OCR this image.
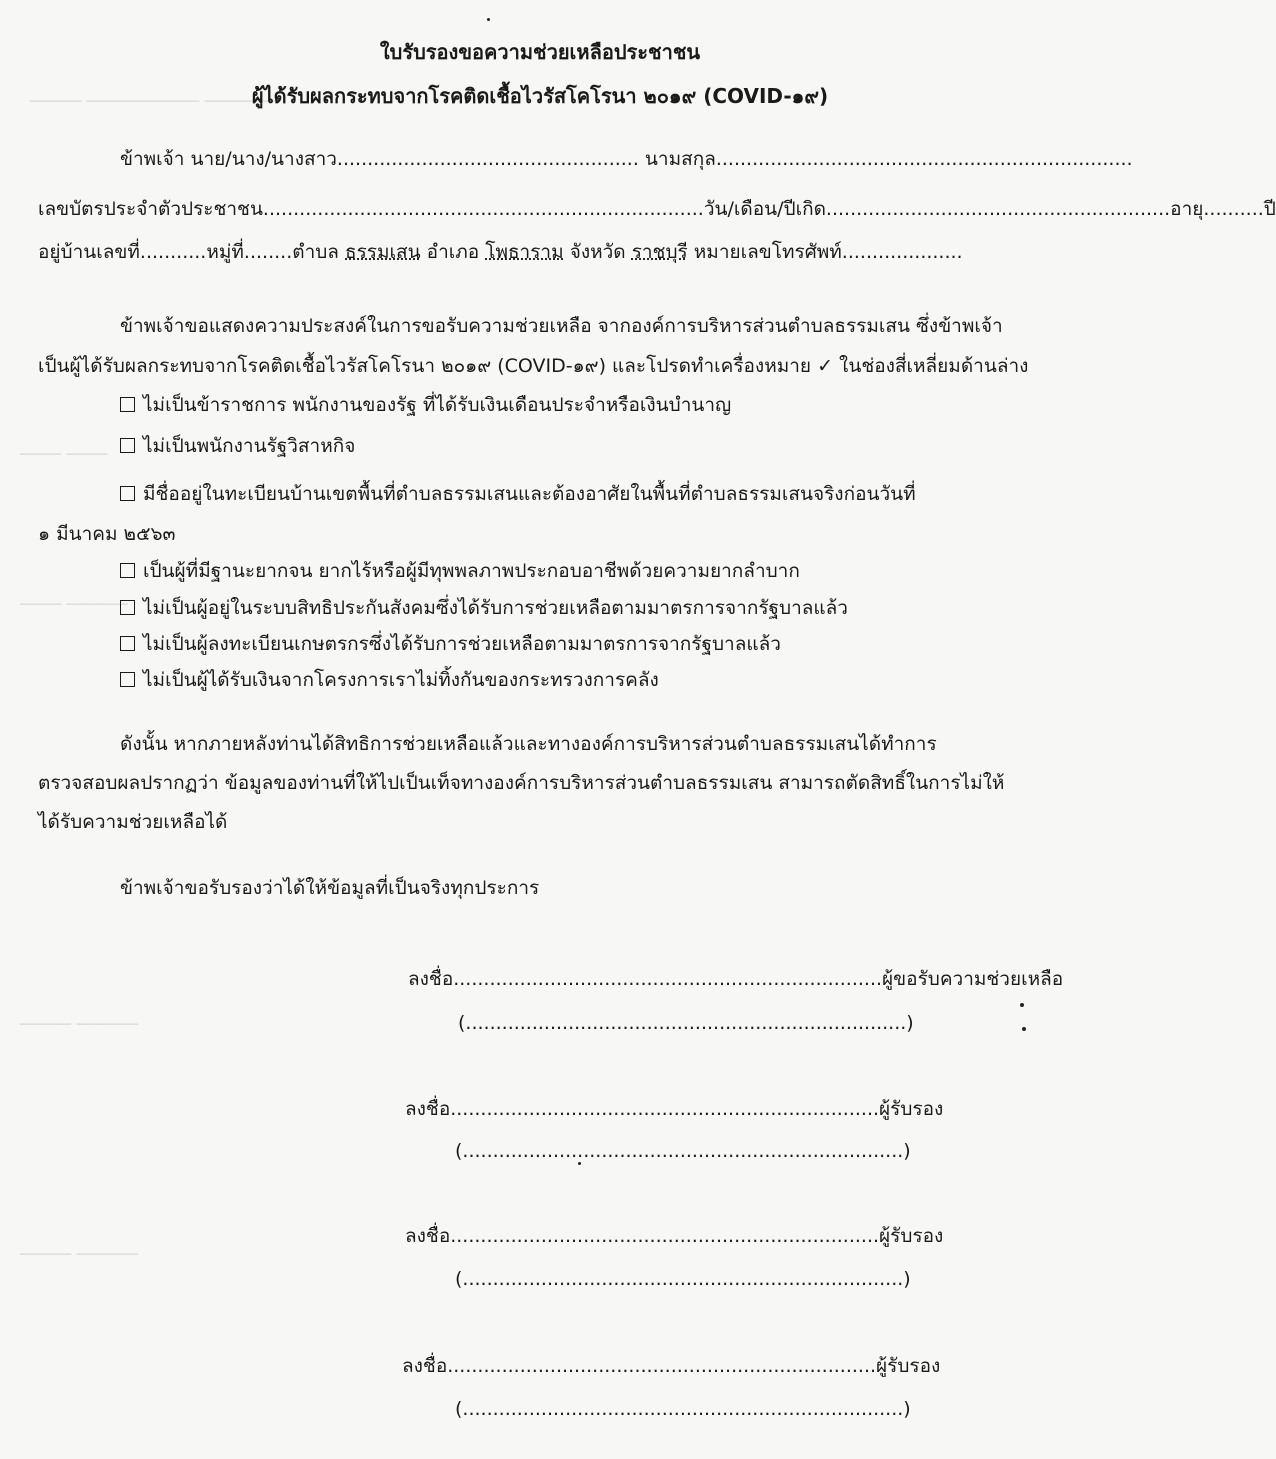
───── ─────────── ───────
──── ────
──── ──────
───── ──────
───── ──────
ใบรับรองขอความช่วยเหลือประชาชน
ผู้ได้รับผลกระทบจากโรคติดเชื้อไวรัสโคโรนา ๒๐๑๙ (COVID-๑๙)
ข้าพเจ้า นาย/นาง/นางสาว.................................................. นามสกุล.....................................................................
เลขบัตรประจำตัวประชาชน.........................................................................วัน/เดือน/ปีเกิด.........................................................อายุ..........ปี
อยู่บ้านเลขที่...........หมู่ที่........ตำบล ธรรมเสน อำเภอ โพธาราม จังหวัด ราชบุรี หมายเลขโทรศัพท์....................
ข้าพเจ้าขอแสดงความประสงค์ในการขอรับความช่วยเหลือ จากองค์การบริหารส่วนตำบลธรรมเสน ซึ่งข้าพเจ้า
เป็นผู้ได้รับผลกระทบจากโรคติดเชื้อไวรัสโคโรนา ๒๐๑๙ (COVID-๑๙) และโปรดทำเครื่องหมาย ✓ ในช่องสี่เหลี่ยมด้านล่าง
ไม่เป็นข้าราชการ พนักงานของรัฐ ที่ได้รับเงินเดือนประจำหรือเงินบำนาญ
ไม่เป็นพนักงานรัฐวิสาหกิจ
มีชื่ออยู่ในทะเบียนบ้านเขตพื้นที่ตำบลธรรมเสนและต้องอาศัยในพื้นที่ตำบลธรรมเสนจริงก่อนวันที่
๑ มีนาคม ๒๕๖๓
เป็นผู้ที่มีฐานะยากจน ยากไร้หรือผู้มีทุพพลภาพประกอบอาชีพด้วยความยากลำบาก
ไม่เป็นผู้อยู่ในระบบสิทธิประกันสังคมซึ่งได้รับการช่วยเหลือตามมาตรการจากรัฐบาลแล้ว
ไม่เป็นผู้ลงทะเบียนเกษตรกรซึ่งได้รับการช่วยเหลือตามมาตรการจากรัฐบาลแล้ว
ไม่เป็นผู้ได้รับเงินจากโครงการเราไม่ทิ้งกันของกระทรวงการคลัง
ดังนั้น หากภายหลังท่านได้สิทธิการช่วยเหลือแล้วและทางองค์การบริหารส่วนตำบลธรรมเสนได้ทำการ
ตรวจสอบผลปรากฏว่า ข้อมูลของท่านที่ให้ไปเป็นเท็จทางองค์การบริหารส่วนตำบลธรรมเสน สามารถตัดสิทธิ์ในการไม่ให้
ได้รับความช่วยเหลือได้
ข้าพเจ้าขอรับรองว่าได้ให้ข้อมูลที่เป็นจริงทุกประการ
ลงชื่อ.......................................................................ผู้ขอรับความช่วยเหลือ
(.........................................................................)
ลงชื่อ.......................................................................ผู้รับรอง
(.........................................................................)
ลงชื่อ.......................................................................ผู้รับรอง
(.........................................................................)
ลงชื่อ.......................................................................ผู้รับรอง
(.........................................................................)
